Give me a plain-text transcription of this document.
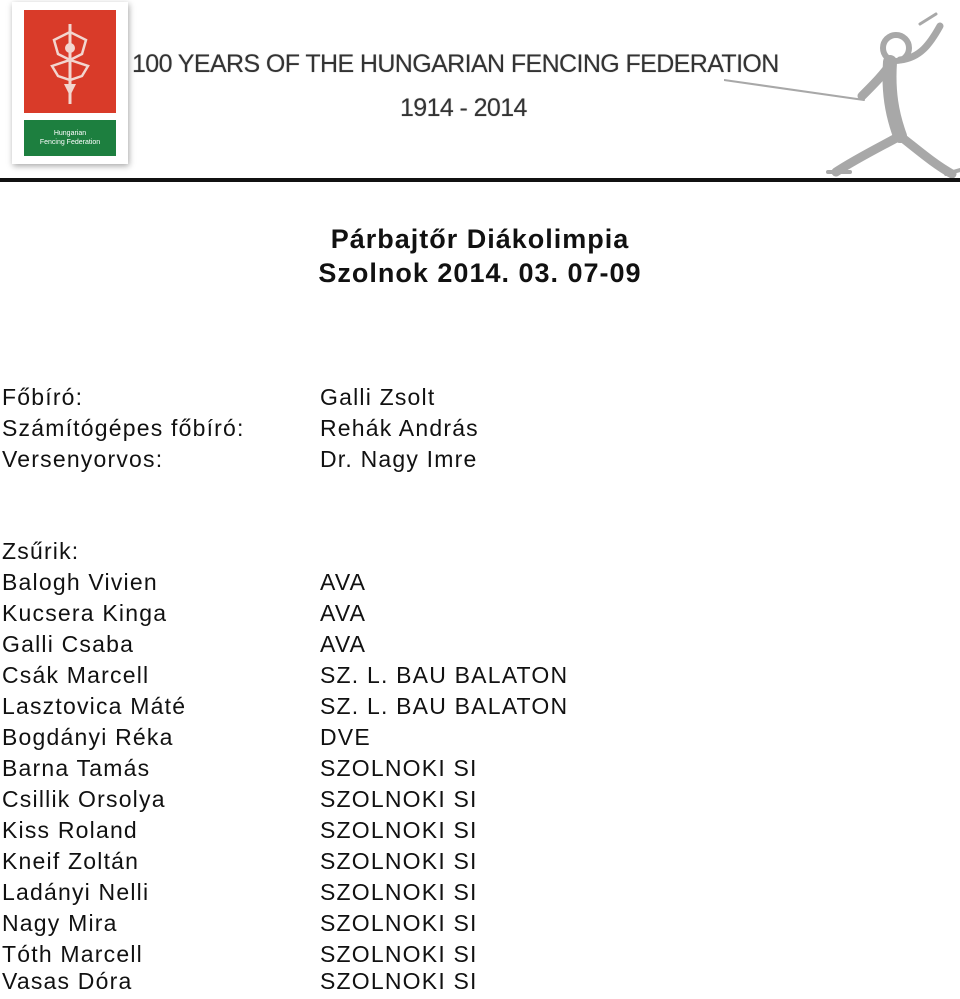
Hungarian
Fencing Federation
100 YEARS OF THE HUNGARIAN FENCING FEDERATION
1914 - 2014
Párbajtőr Diákolimpia
Szolnok 2014. 03. 07-09
Főbíró:	Galli Zsolt
Számítógépes főbíró:	Rehák András
Versenyorvos:	Dr. Nagy Imre
Zsűrik:
Balogh Vivien	AVA
Kucsera Kinga	AVA
Galli Csaba	AVA
Csák Marcell	SZ. L. BAU BALATON
Lasztovica Máté	SZ. L. BAU BALATON
Bogdányi Réka	DVE
Barna Tamás	SZOLNOKI SI
Csillik Orsolya	SZOLNOKI SI
Kiss Roland	SZOLNOKI SI
Kneif Zoltán	SZOLNOKI SI
Ladányi Nelli	SZOLNOKI SI
Nagy Mira	SZOLNOKI SI
Tóth Marcell	SZOLNOKI SI
Vasas Dóra	SZOLNOKI SI
